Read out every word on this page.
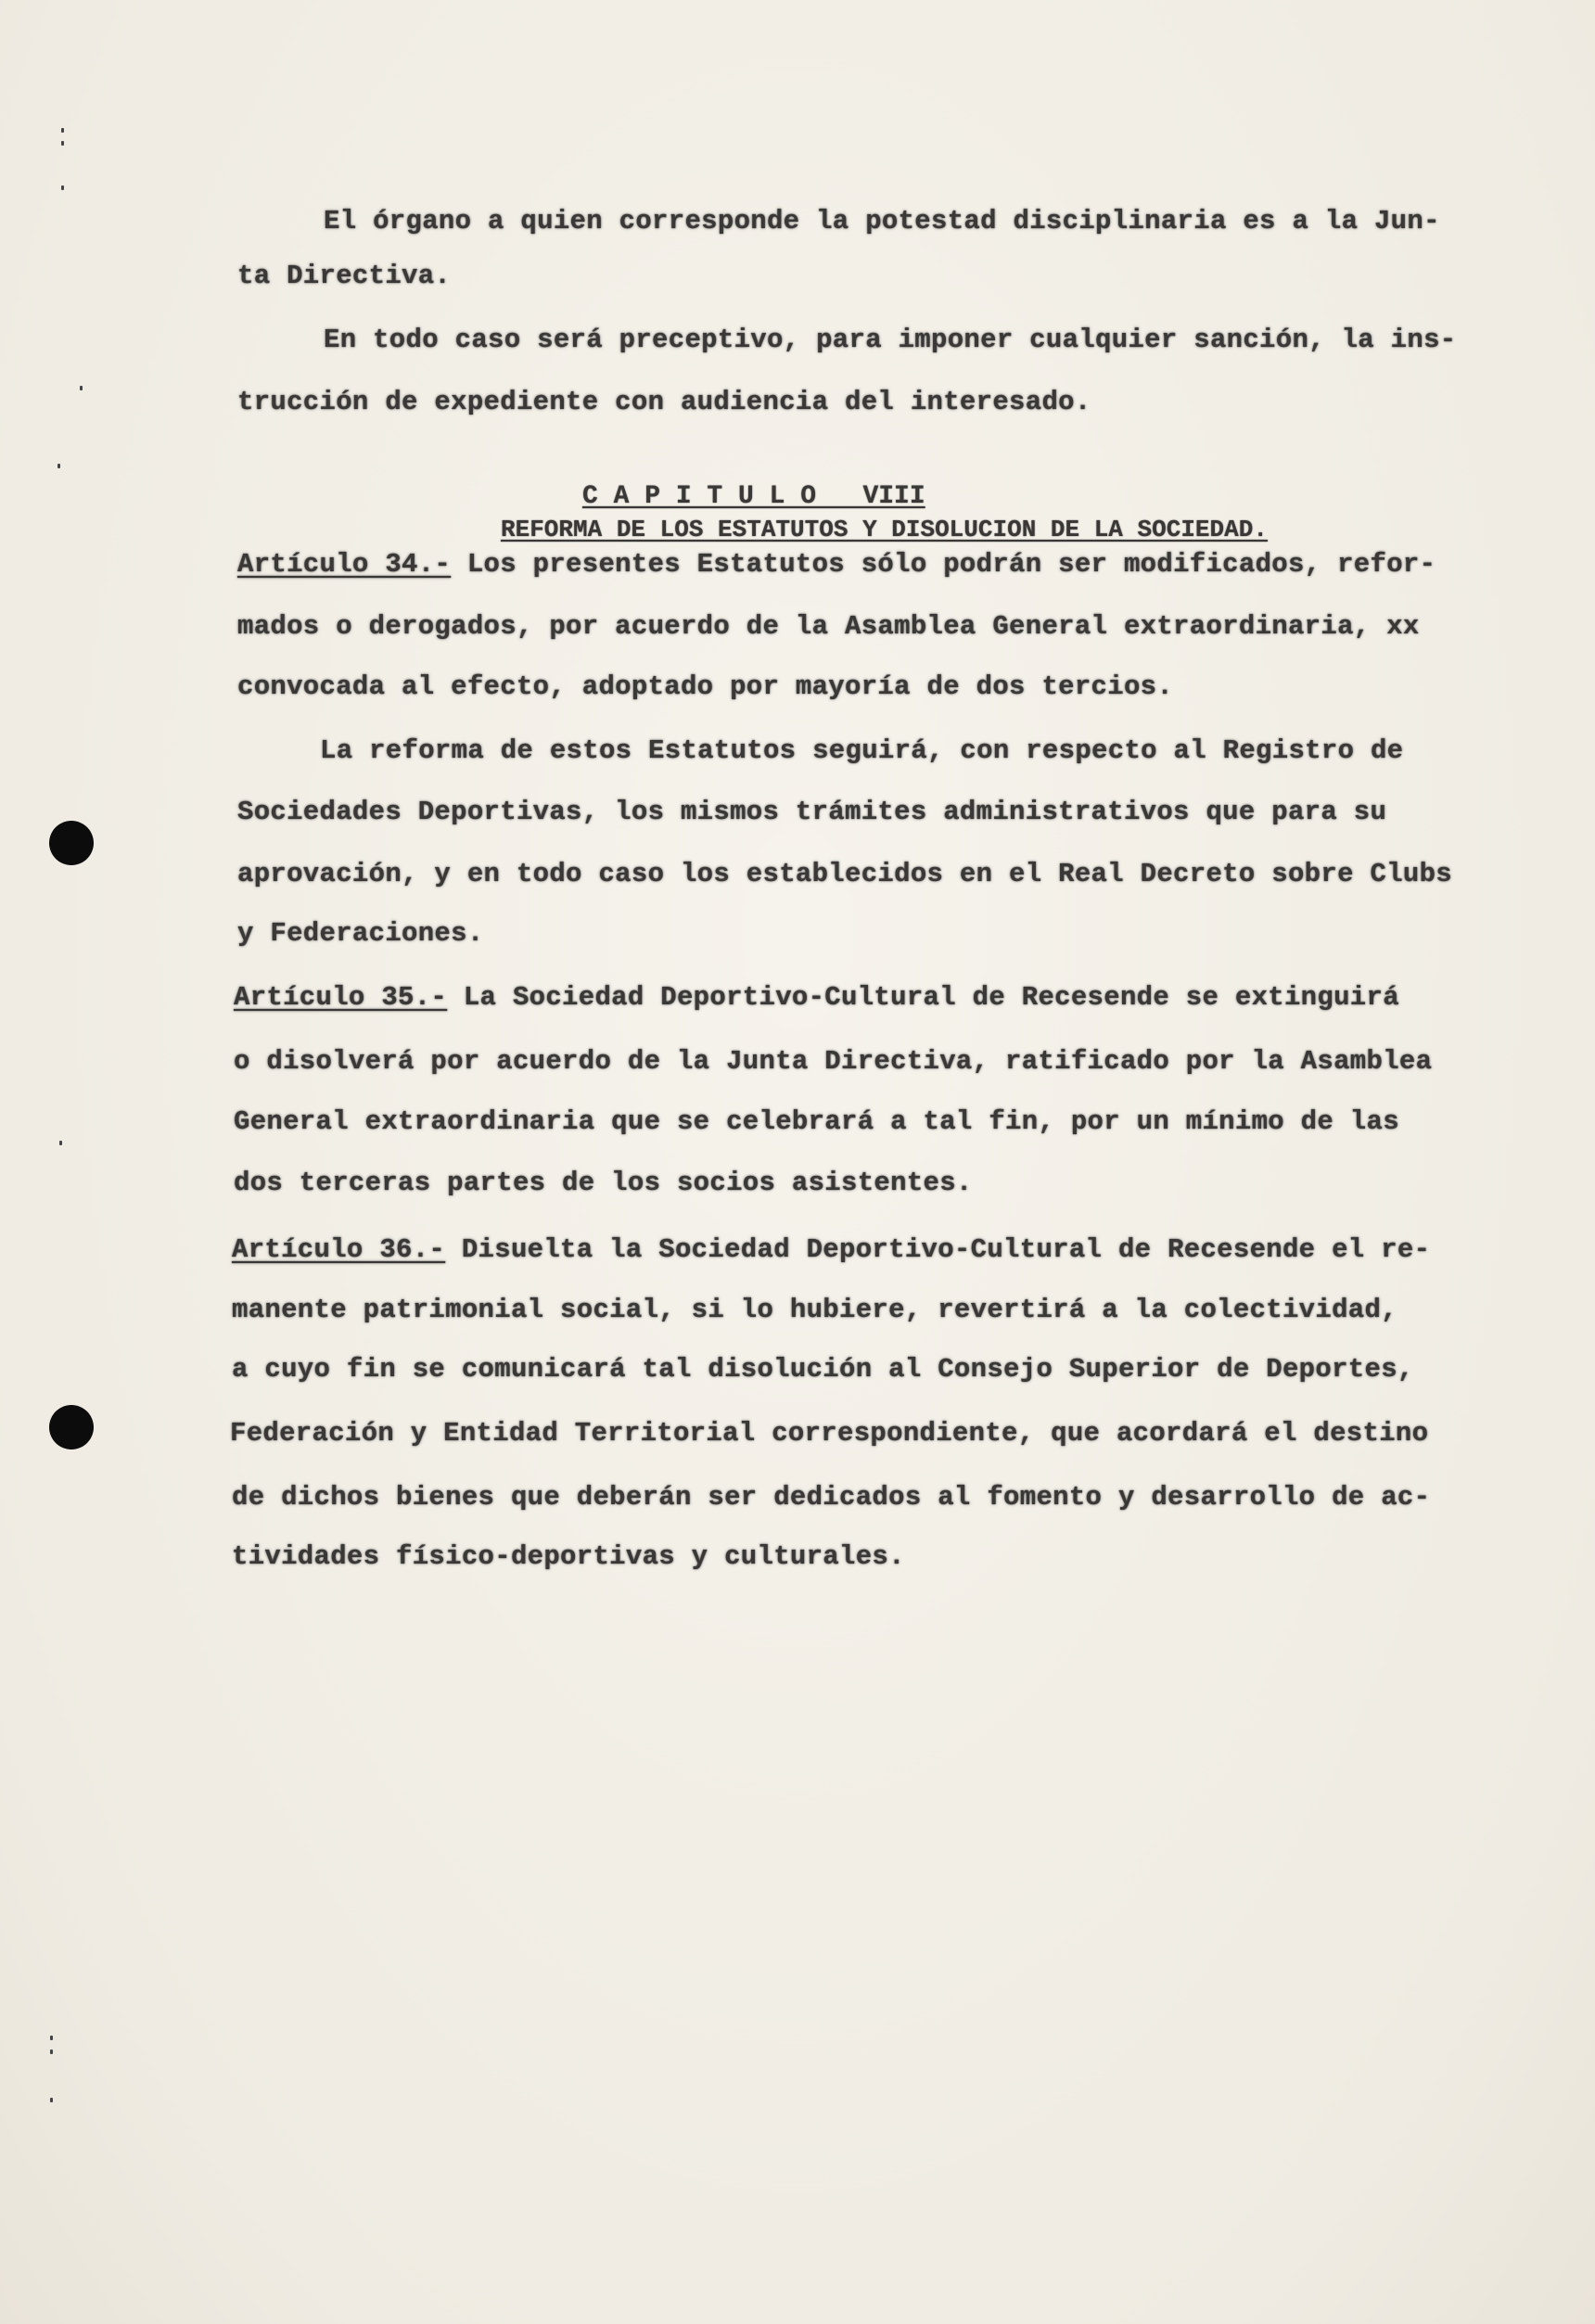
El órgano a quien corresponde la potestad disciplinaria es a la Jun-
ta Directiva.
En todo caso será preceptivo, para imponer cualquier sanción, la ins-
trucción de expediente con audiencia del interesado.
C A P I T U L O   VIII
REFORMA DE LOS ESTATUTOS Y DISOLUCION DE LA SOCIEDAD.
Artículo 34.- Los presentes Estatutos sólo podrán ser modificados, refor-
mados o derogados, por acuerdo de la Asamblea General extraordinaria, xx
convocada al efecto, adoptado por mayoría de dos tercios.
La reforma de estos Estatutos seguirá, con respecto al Registro de
Sociedades Deportivas, los mismos trámites administrativos que para su
aprovación, y en todo caso los establecidos en el Real Decreto sobre Clubs
y Federaciones.
Artículo 35.- La Sociedad Deportivo-Cultural de Recesende se extinguirá
o disolverá por acuerdo de la Junta Directiva, ratificado por la Asamblea
General extraordinaria que se celebrará a tal fin, por un mínimo de las
dos terceras partes de los socios asistentes.
Artículo 36.- Disuelta la Sociedad Deportivo-Cultural de Recesende el re-
manente patrimonial social, si lo hubiere, revertirá a la colectividad,
a cuyo fin se comunicará tal disolución al Consejo Superior de Deportes,
Federación y Entidad Territorial correspondiente, que acordará el destino
de dichos bienes que deberán ser dedicados al fomento y desarrollo de ac-
tividades físico-deportivas y culturales.
